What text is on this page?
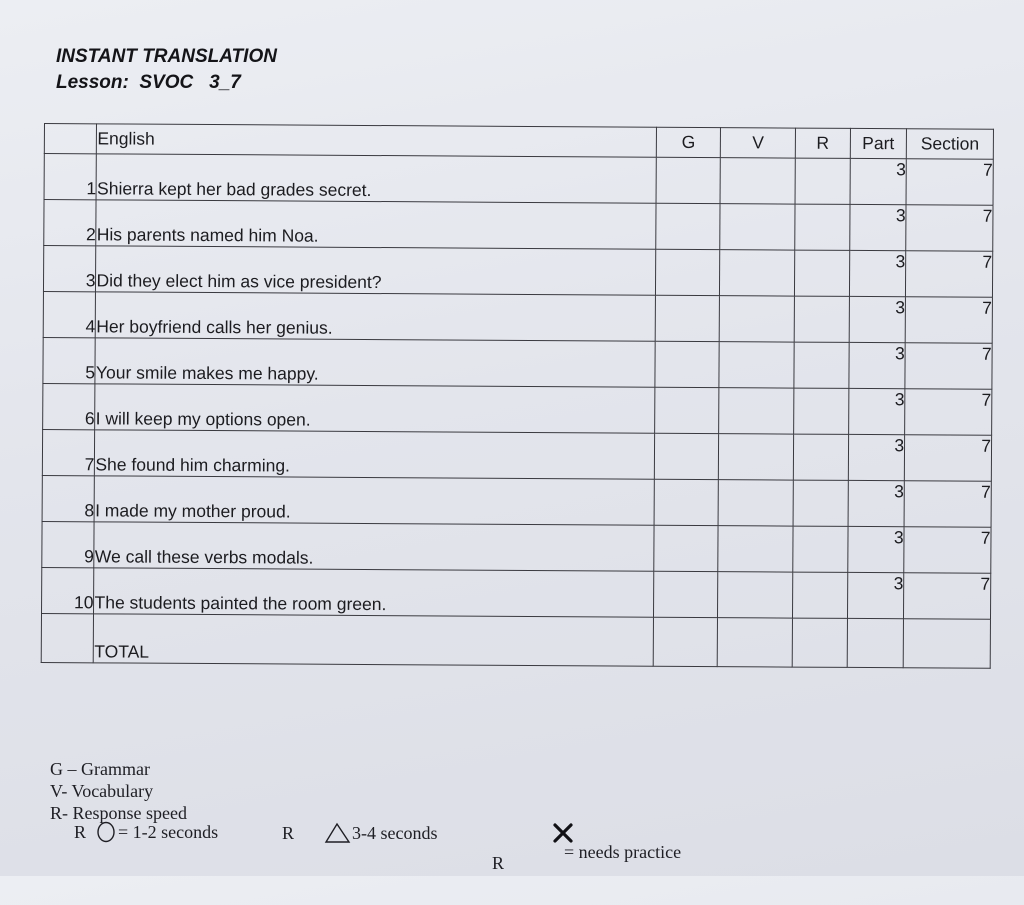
INSTANT TRANSLATION
Lesson:  SVOC   3_7
	English	G	V	R	Part	Section
1	Shierra kept her bad grades secret.				3	7
2	His parents named him Noa.				3	7
3	Did they elect him as vice president?				3	7
4	Her boyfriend calls her genius.				3	7
5	Your smile makes me happy.				3	7
6	I will keep my options open.				3	7
7	She found him charming.				3	7
8	I made my mother proud.				3	7
9	We call these verbs modals.				3	7
10	The students painted the room green.				3	7
	TOTAL					
G – Grammar
V- Vocabulary
R- Response speed
R = 1-2 seconds	R	3-4 seconds
R

= needs practice
